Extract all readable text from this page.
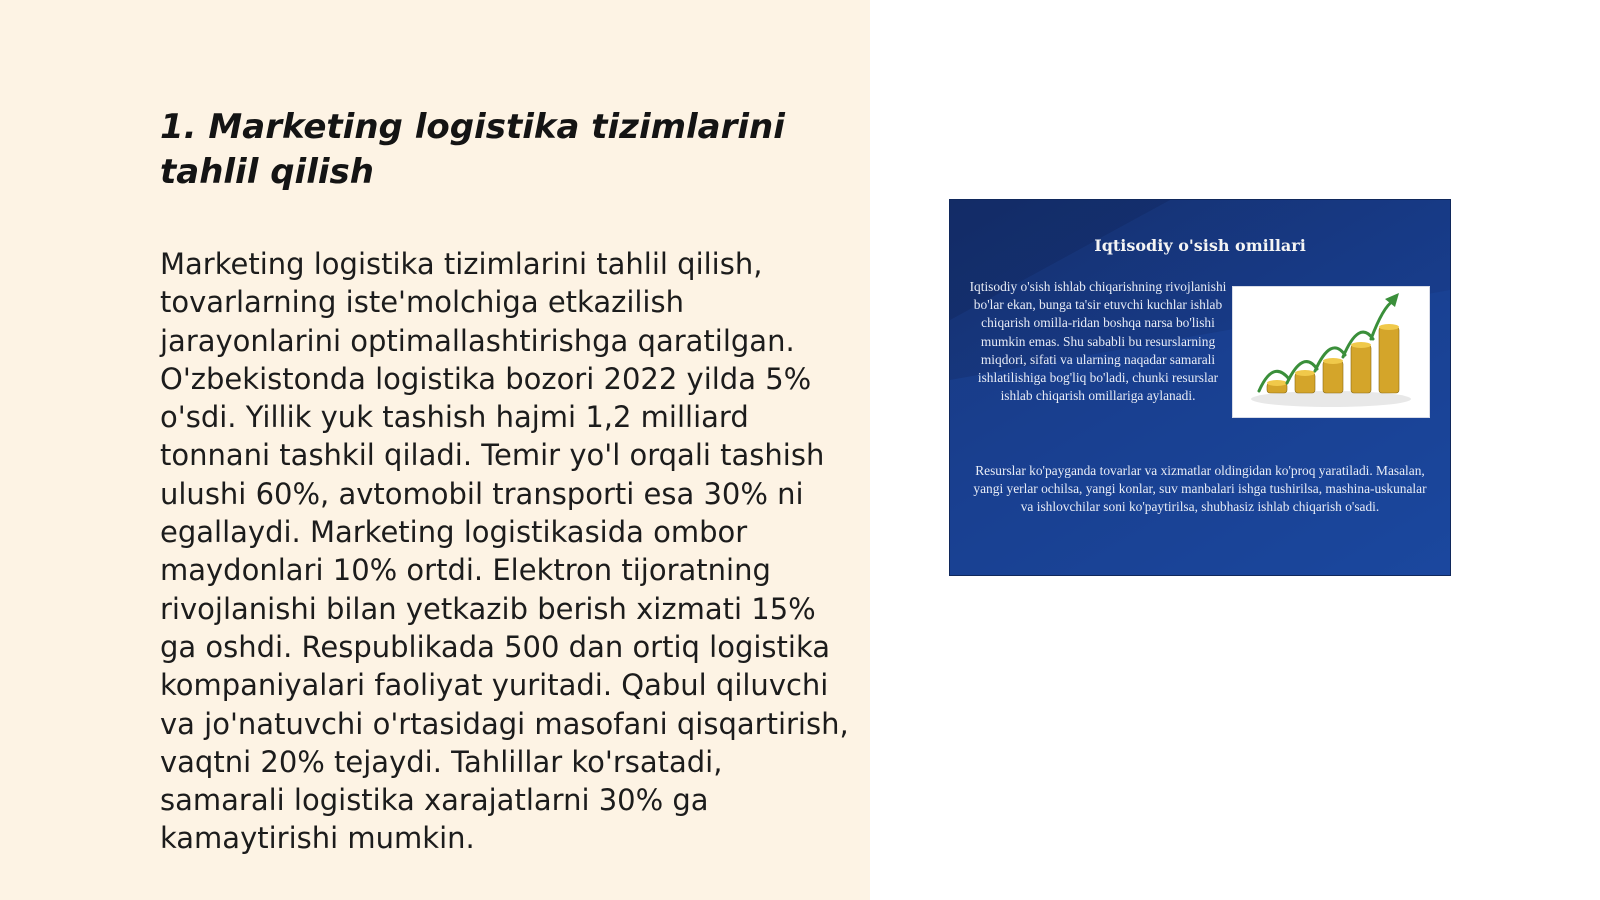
1. Marketing logistika tizimlarini tahlil qilish

Marketing logistika tizimlarini tahlil qilish, tovarlarning iste'molchiga etkazilish jarayonlarini optimallashtirishga qaratilgan. O'zbekistonda logistika bozori 2022 yilda 5% o'sdi. Yillik yuk tashish hajmi 1,2 milliard tonnani tashkil qiladi. Temir yo'l orqali tashish ulushi 60%, avtomobil transporti esa 30% ni egallaydi. Marketing logistikasida ombor maydonlari 10% ortdi. Elektron tijoratning rivojlanishi bilan yetkazib berish xizmati 15% ga oshdi. Respublikada 500 dan ortiq logistika kompaniyalari faoliyat yuritadi. Qabul qiluvchi va jo'natuvchi o'rtasidagi masofani qisqartirish, vaqtni 20% tejaydi. Tahlillar ko'rsatadi, samarali logistika xarajatlarni 30% ga kamaytirishi mumkin.

Iqtisodiy o'sish omillari

Iqtisodiy o'sish ishlab chiqarishning rivojlanishi bo'lar ekan, bunga ta'sir etuvchi kuchlar ishlab chiqarish omilla-ridan boshqa narsa bo'lishi mumkin emas. Shu sababli bu resurslarning miqdori, sifati va ularning naqadar samarali ishlatilishiga bog'liq bo'ladi, chunki resurslar ishlab chiqarish omillariga aylanadi.

Resurslar ko'payganda tovarlar va xizmatlar oldingidan ko'proq yaratiladi. Masalan, yangi yerlar ochilsa, yangi konlar, suv manbalari ishga tushirilsa, mashina-uskunalar va ishlovchilar soni ko'paytirilsa, shubhasiz ishlab chiqarish o'sadi.
